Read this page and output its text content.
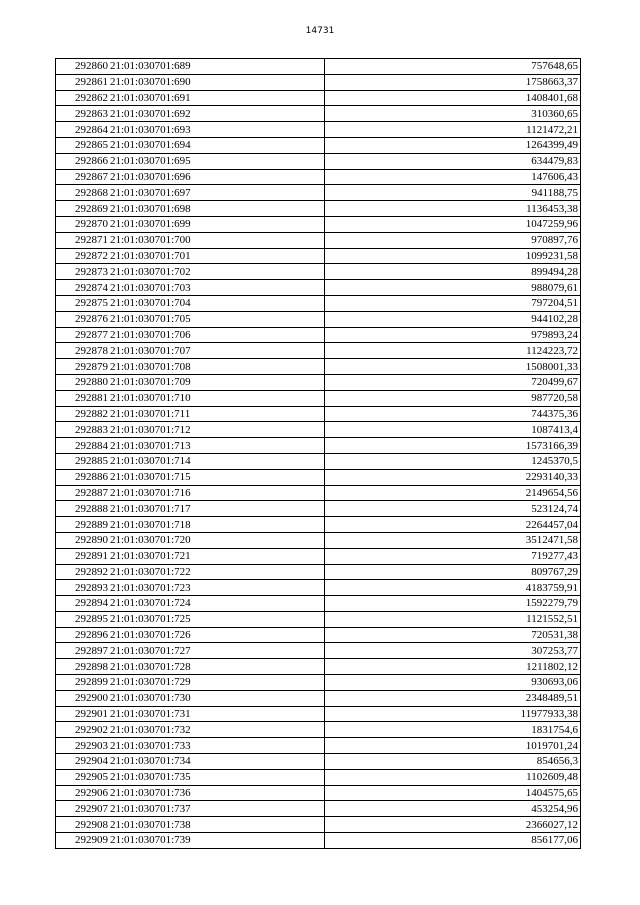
14731
292860	21:01:030701:689	757648,65
292861	21:01:030701:690	1758663,37
292862	21:01:030701:691	1408401,68
292863	21:01:030701:692	310360,65
292864	21:01:030701:693	1121472,21
292865	21:01:030701:694	1264399,49
292866	21:01:030701:695	634479,83
292867	21:01:030701:696	147606,43
292868	21:01:030701:697	941188,75
292869	21:01:030701:698	1136453,38
292870	21:01:030701:699	1047259,96
292871	21:01:030701:700	970897,76
292872	21:01:030701:701	1099231,58
292873	21:01:030701:702	899494,28
292874	21:01:030701:703	988079,61
292875	21:01:030701:704	797204,51
292876	21:01:030701:705	944102,28
292877	21:01:030701:706	979893,24
292878	21:01:030701:707	1124223,72
292879	21:01:030701:708	1508001,33
292880	21:01:030701:709	720499,67
292881	21:01:030701:710	987720,58
292882	21:01:030701:711	744375,36
292883	21:01:030701:712	1087413,4
292884	21:01:030701:713	1573166,39
292885	21:01:030701:714	1245370,5
292886	21:01:030701:715	2293140,33
292887	21:01:030701:716	2149654,56
292888	21:01:030701:717	523124,74
292889	21:01:030701:718	2264457,04
292890	21:01:030701:720	3512471,58
292891	21:01:030701:721	719277,43
292892	21:01:030701:722	809767,29
292893	21:01:030701:723	4183759,91
292894	21:01:030701:724	1592279,79
292895	21:01:030701:725	1121552,51
292896	21:01:030701:726	720531,38
292897	21:01:030701:727	307253,77
292898	21:01:030701:728	1211802,12
292899	21:01:030701:729	930693,06
292900	21:01:030701:730	2348489,51
292901	21:01:030701:731	11977933,38
292902	21:01:030701:732	1831754,6
292903	21:01:030701:733	1019701,24
292904	21:01:030701:734	854656,3
292905	21:01:030701:735	1102609,48
292906	21:01:030701:736	1404575,65
292907	21:01:030701:737	453254,96
292908	21:01:030701:738	2366027,12
292909	21:01:030701:739	856177,06
